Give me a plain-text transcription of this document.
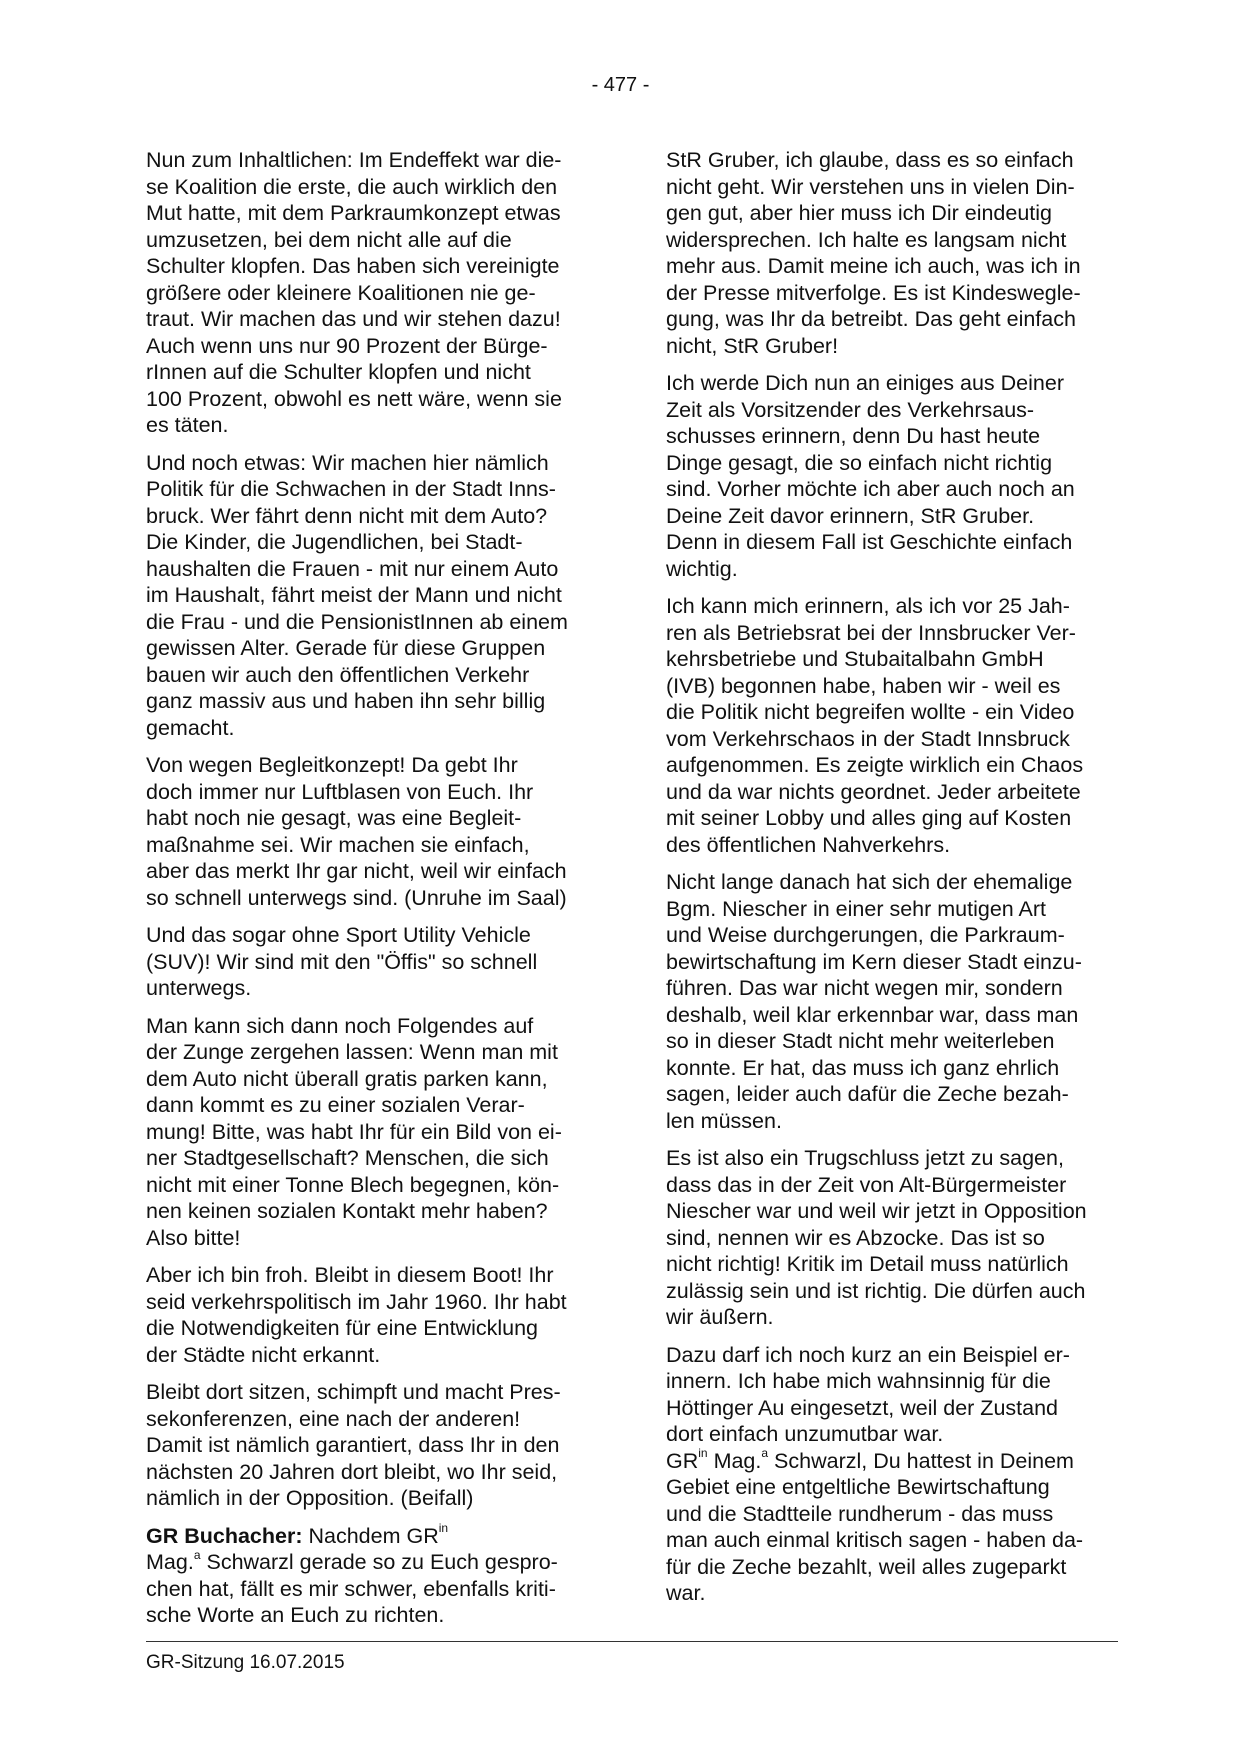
- 477 -

Nun zum Inhaltlichen: Im Endeffekt war die-
se Koalition die erste, die auch wirklich den
Mut hatte, mit dem Parkraumkonzept etwas
umzusetzen, bei dem nicht alle auf die
Schulter klopfen. Das haben sich vereinigte
größere oder kleinere Koalitionen nie ge-
traut. Wir machen das und wir stehen dazu!
Auch wenn uns nur 90 Prozent der Bürge-
rInnen auf die Schulter klopfen und nicht
100 Prozent, obwohl es nett wäre, wenn sie
es täten.

Und noch etwas: Wir machen hier nämlich
Politik für die Schwachen in der Stadt Inns-
bruck. Wer fährt denn nicht mit dem Auto?
Die Kinder, die Jugendlichen, bei Stadt-
haushalten die Frauen - mit nur einem Auto
im Haushalt, fährt meist der Mann und nicht
die Frau - und die PensionistInnen ab einem
gewissen Alter. Gerade für diese Gruppen
bauen wir auch den öffentlichen Verkehr
ganz massiv aus und haben ihn sehr billig
gemacht.

Von wegen Begleitkonzept! Da gebt Ihr
doch immer nur Luftblasen von Euch. Ihr
habt noch nie gesagt, was eine Begleit-
maßnahme sei. Wir machen sie einfach,
aber das merkt Ihr gar nicht, weil wir einfach
so schnell unterwegs sind. (Unruhe im Saal)

Und das sogar ohne Sport Utility Vehicle
(SUV)! Wir sind mit den "Öffis" so schnell
unterwegs.

Man kann sich dann noch Folgendes auf
der Zunge zergehen lassen: Wenn man mit
dem Auto nicht überall gratis parken kann,
dann kommt es zu einer sozialen Verar-
mung! Bitte, was habt Ihr für ein Bild von ei-
ner Stadtgesellschaft? Menschen, die sich
nicht mit einer Tonne Blech begegnen, kön-
nen keinen sozialen Kontakt mehr haben?
Also bitte!

Aber ich bin froh. Bleibt in diesem Boot! Ihr
seid verkehrspolitisch im Jahr 1960. Ihr habt
die Notwendigkeiten für eine Entwicklung
der Städte nicht erkannt.

Bleibt dort sitzen, schimpft und macht Pres-
sekonferenzen, eine nach der anderen!
Damit ist nämlich garantiert, dass Ihr in den
nächsten 20 Jahren dort bleibt, wo Ihr seid,
nämlich in der Opposition. (Beifall)

GR Buchacher: Nachdem $GR^{in}$
Mag.$^a$ Schwarzl gerade so zu Euch gespro-
chen hat, fällt es mir schwer, ebenfalls kriti-
sche Worte an Euch zu richten.

StR Gruber, ich glaube, dass es so einfach
nicht geht. Wir verstehen uns in vielen Din-
gen gut, aber hier muss ich Dir eindeutig
widersprechen. Ich halte es langsam nicht
mehr aus. Damit meine ich auch, was ich in
der Presse mitverfolge. Es ist Kindeswegle-
gung, was Ihr da betreibt. Das geht einfach
nicht, StR Gruber!

Ich werde Dich nun an einiges aus Deiner
Zeit als Vorsitzender des Verkehrsaus-
schusses erinnern, denn Du hast heute
Dinge gesagt, die so einfach nicht richtig
sind. Vorher möchte ich aber auch noch an
Deine Zeit davor erinnern, StR Gruber.
Denn in diesem Fall ist Geschichte einfach
wichtig.

Ich kann mich erinnern, als ich vor 25 Jah-
ren als Betriebsrat bei der Innsbrucker Ver-
kehrsbetriebe und Stubaitalbahn GmbH
(IVB) begonnen habe, haben wir - weil es
die Politik nicht begreifen wollte - ein Video
vom Verkehrschaos in der Stadt Innsbruck
aufgenommen. Es zeigte wirklich ein Chaos
und da war nichts geordnet. Jeder arbeitete
mit seiner Lobby und alles ging auf Kosten
des öffentlichen Nahverkehrs.

Nicht lange danach hat sich der ehemalige
Bgm. Niescher in einer sehr mutigen Art
und Weise durchgerungen, die Parkraum-
bewirtschaftung im Kern dieser Stadt einzu-
führen. Das war nicht wegen mir, sondern
deshalb, weil klar erkennbar war, dass man
so in dieser Stadt nicht mehr weiterleben
konnte. Er hat, das muss ich ganz ehrlich
sagen, leider auch dafür die Zeche bezah-
len müssen.

Es ist also ein Trugschluss jetzt zu sagen,
dass das in der Zeit von Alt-Bürgermeister
Niescher war und weil wir jetzt in Opposition
sind, nennen wir es Abzocke. Das ist so
nicht richtig! Kritik im Detail muss natürlich
zulässig sein und ist richtig. Die dürfen auch
wir äußern.

Dazu darf ich noch kurz an ein Beispiel er-
innern. Ich habe mich wahnsinnig für die
Höttinger Au eingesetzt, weil der Zustand
dort einfach unzumutbar war.

$GR^{in}$ Mag.$^a$ Schwarzl, Du hattest in Deinem
Gebiet eine entgeltliche Bewirtschaftung
und die Stadtteile rundherum - das muss
man auch einmal kritisch sagen - haben da-
für die Zeche bezahlt, weil alles zugeparkt
war.

GR-Sitzung 16.07.2015
